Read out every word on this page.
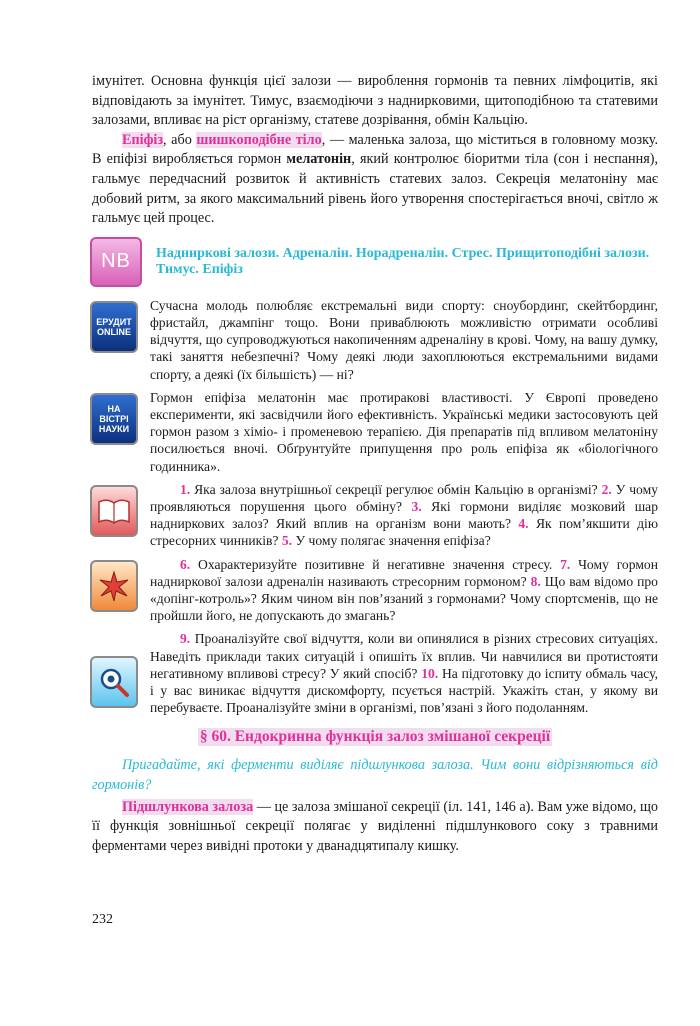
імунітет. Основна функція цієї залози — вироблення гормонів та певних лімфоцитів, які відповідають за імунітет. Тимус, взаємодіючи з надниркoвими, щитоподібною та статевими залозами, впливає на ріст організму, статеве дозрівання, обмін Кальцію.

Епіфіз, або шишкоподібне тіло, — маленька залоза, що міститься в головному мозку. В епіфізі виробляється гормон мелатонін, який контролює біоритми тіла (сон і неспання), гальмує передчасний розвиток й активність статевих залоз. Секреція мелатоніну має добовий ритм, за якого максимальний рівень його утворення спостерігається вночі, світло ж гальмує цей процес.

NB	Надниркові залози. Адреналін. Норадреналін. Стрес. Прищитоподібні залози. Тимус. Епіфіз
ЕРУДИТ ONLINE

Сучасна молодь полюбляє екстремальні види спорту: сноубординг, скейтбординг, фристайл, джампінг тощо. Вони приваблюють можливістю отримати особливі відчуття, що супроводжуються накопиченням адреналіну в крові. Чому, на вашу думку, такі заняття небезпечні? Чому деякі люди захоплюються екстремальними видами спорту, а деякі (їх більшість) — ні?

НА ВІСТРІ НАУКИ

Гормон епіфіза мелатонін має протиракові властивості. У Європі проведено експерименти, які засвідчили його ефективність. Українські медики застосовують цей гормон разом з хіміо- і променевою терапією. Дія препаратів під впливом мелатоніну посилюється вночі. Обґрунтуйте припущення про роль епіфіза як «біологічного годинника».

1. Яка залоза внутрішньої секреції регулює обмін Кальцію в організмі? 2. У чому проявляються порушення цього обміну? 3. Які гормони виділяє мозковий шар надниркових залоз? Який вплив на організм вони мають? 4. Як пом’якшити дію стресорних чинників? 5. У чому полягає значення епіфіза?

6. Охарактеризуйте позитивне й негативне значення стресу. 7. Чому гормон надниркової залози адреналін називають стресорним гормоном? 8. Що вам відомо про «допінг-котроль»? Яким чином він пов’язаний з гормонами? Чому спортсменів, що не пройшли його, не допускають до змагань?

9. Проаналізуйте свої відчуття, коли ви опинялися в різних стресових ситуаціях. Наведіть приклади таких ситуацій і опишіть їх вплив. Чи навчилися ви протистояти негативному впливові стресу? У який спосіб? 10. На підготовку до іспиту обмаль часу, і у вас виникає відчуття дискомфорту, псується настрій. Укажіть стан, у якому ви перебуваєте. Проаналізуйте зміни в організмі, пов’язані з його подоланням.

§ 60. Ендокринна функція залоз змішаної секреції

Пригадайте, які ферменти виділяє підшлункова залоза. Чим вони відрізняються від гормонів?

Підшлункова залоза — це залоза змішаної секреції (іл. 141, 146 а). Вам уже відомо, що її функція зовнішньої секреції полягає у виділенні підшлункового соку з травними ферментами через вивідні протоки у дванадцятипалу кишку.

232
